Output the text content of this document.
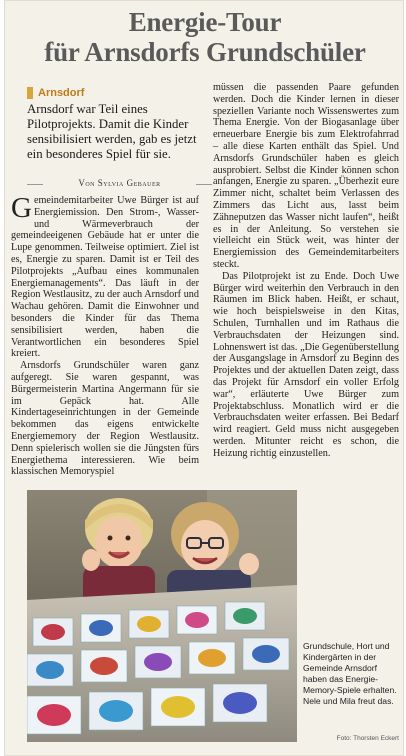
Energie-Tour
für Arnsdorfs Grundschüler
Arnsdorf
Arnsdorf war Teil eines Pilotprojekts. Damit die Kinder sensibilisiert werden, gab es jetzt ein besonderes Spiel für sie.
Von Sylvia Gebauer

Gemeindemitarbeiter Uwe Bürger ist auf Energiemission. Den Strom-, Wasser- und Wärmeverbrauch der gemeindeeigenen Gebäude hat er unter die Lupe genommen. Teilweise optimiert. Ziel ist es, Energie zu sparen. Damit ist er Teil des Pilotprojekts „Aufbau eines kommunalen Energiemanagements“. Das läuft in der Region Westlausitz, zu der auch Arnsdorf und Wachau gehören. Damit die Einwohner und besonders die Kinder für das Thema sensibilisiert werden, haben die Verantwortlichen ein besonderes Spiel kreiert.

Arnsdorfs Grundschüler waren ganz aufgeregt. Sie waren gespannt, was Bürgermeisterin Martina Angermann für sie im Gepäck hat. Alle Kindertageseinrichtungen in der Gemeinde bekommen das eigens entwickelte Energiememory der Region Westlausitz. Denn spielerisch wollen sie die Jüngsten fürs Energiethema interessieren. Wie beim klassischen Memoryspiel

müssen die passenden Paare gefunden werden. Doch die Kinder lernen in dieser speziellen Variante noch Wissenswertes zum Thema Energie. Von der Biogasanlage über erneuerbare Energie bis zum Elektrofahrrad – alle diese Karten enthält das Spiel. Und Arnsdorfs Grundschüler haben es gleich ausprobiert. Selbst die Kinder können schon anfangen, Energie zu sparen. „Überhezit eure Zimmer nicht, schaltet beim Verlassen des Zimmers das Licht aus, lasst beim Zähneputzen das Wasser nicht laufen“, heißt es in der Anleitung. So verstehen sie vielleicht ein Stück weit, was hinter der Energiemission des Gemeindemitarbeiters steckt.

Das Pilotprojekt ist zu Ende. Doch Uwe Bürger wird weiterhin den Verbrauch in den Räumen im Blick haben. Heißt, er schaut, wie hoch beispielsweise in den Kitas, Schulen, Turnhallen und im Rathaus die Verbrauchsdaten der Heizungen sind. Lohnenswert ist das. „Die Gegenüberstellung der Ausgangslage in Arnsdorf zu Beginn des Projektes und der aktuellen Daten zeigt, dass das Projekt für Arnsdorf ein voller Erfolg war“, erläuterte Uwe Bürger zum Projektabschluss. Monatlich wird er die Verbrauchsdaten weiter erfassen. Bei Bedarf wird reagiert. Geld muss nicht ausgegeben werden. Mitunter reicht es schon, die Heizung richtig einzustellen.

Grundschule, Hort und Kindergärten in der Gemeinde Arnsdorf haben das Energie-Memory-Spiele erhalten. Nele und Mila freut das.
Foto: Thorsten Eckert
